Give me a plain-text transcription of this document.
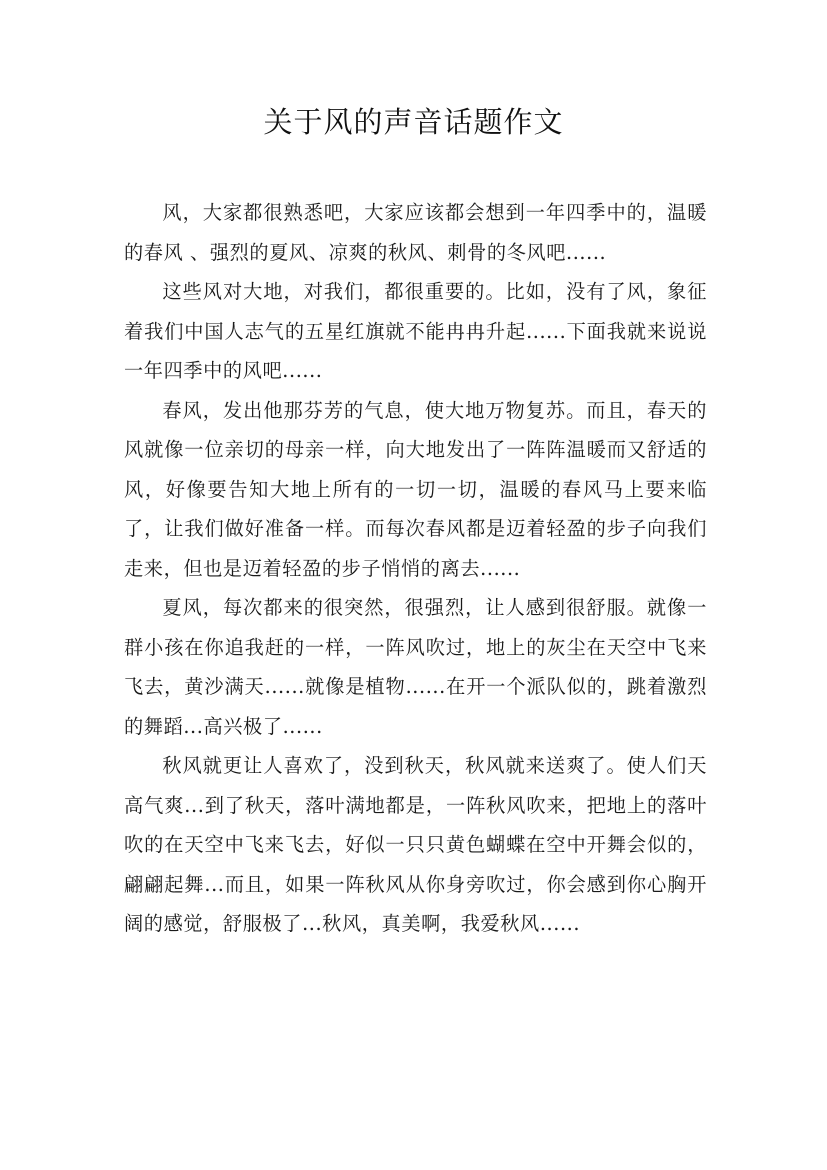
关于风的声音话题作文

风，大家都很熟悉吧，大家应该都会想到一年四季中的，温暖的春风 、强烈的夏风、凉爽的秋风、刺骨的冬风吧......

这些风对大地，对我们，都很重要的。比如，没有了风，象征着我们中国人志气的五星红旗就不能冉冉升起......下面我就来说说一年四季中的风吧......

春风，发出他那芬芳的气息，使大地万物复苏。而且，春天的风就像一位亲切的母亲一样，向大地发出了一阵阵温暖而又舒适的风，好像要告知大地上所有的一切一切，温暖的春风马上要来临了，让我们做好准备一样。而每次春风都是迈着轻盈的步子向我们走来，但也是迈着轻盈的步子悄悄的离去......

夏风，每次都来的很突然，很强烈，让人感到很舒服。就像一群小孩在你追我赶的一样，一阵风吹过，地上的灰尘在天空中飞来飞去，黄沙满天......就像是植物......在开一个派队似的，跳着激烈的舞蹈...高兴极了......

秋风就更让人喜欢了，没到秋天，秋风就来送爽了。使人们天高气爽...到了秋天，落叶满地都是，一阵秋风吹来，把地上的落叶吹的在天空中飞来飞去，好似一只只黄色蝴蝶在空中开舞会似的，翩翩起舞...而且，如果一阵秋风从你身旁吹过，你会感到你心胸开阔的感觉，舒服极了...秋风，真美啊，我爱秋风......
